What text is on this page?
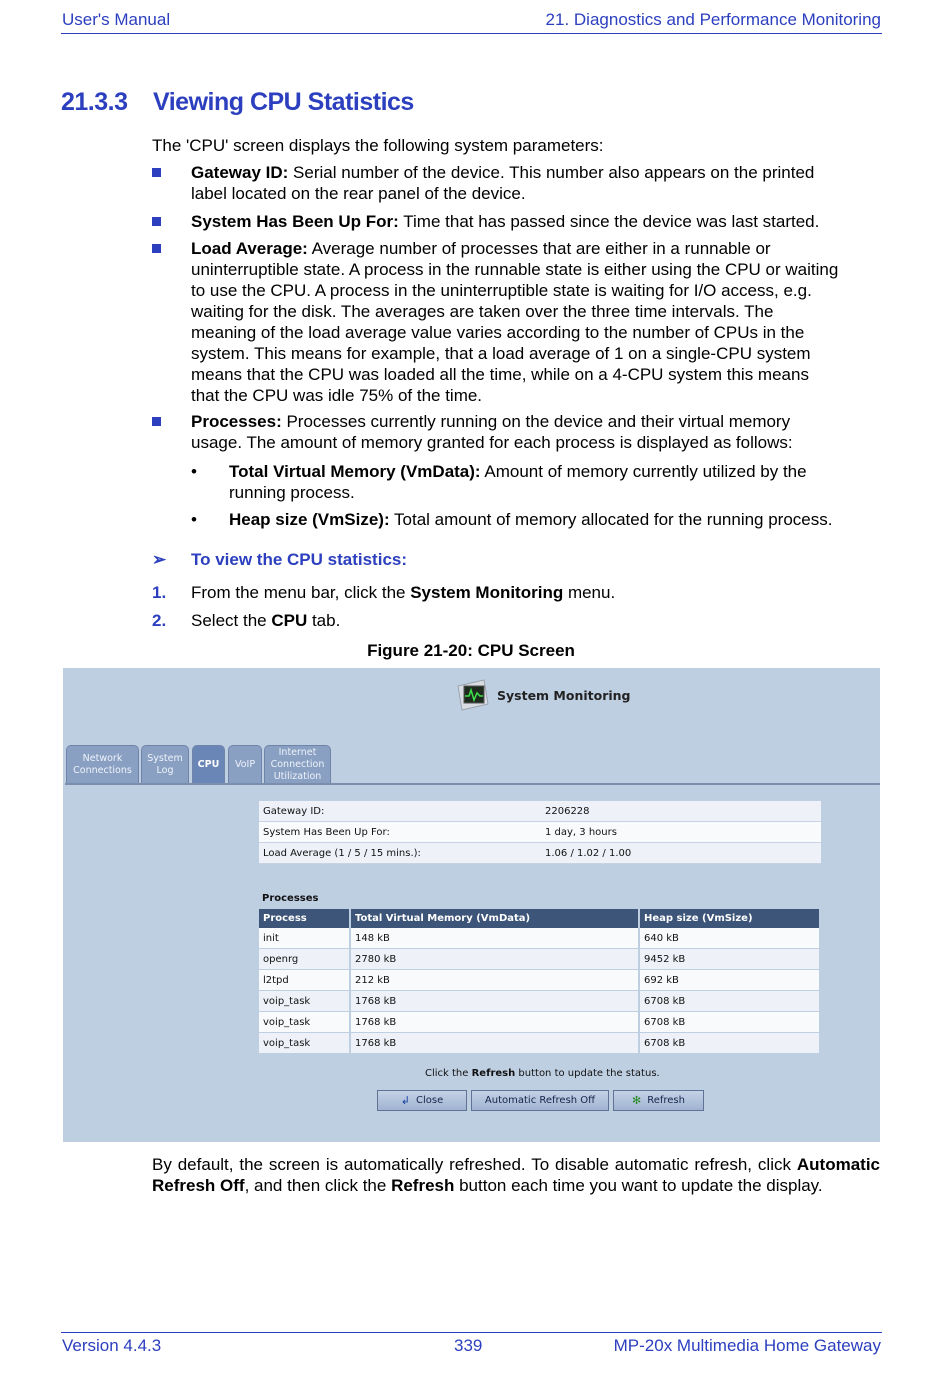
User's Manual	21. Diagnostics and Performance Monitoring
21.3.3 Viewing CPU Statistics
The 'CPU' screen displays the following system parameters:
Gateway ID: Serial number of the device. This number also appears on the printed
label located on the rear panel of the device.
System Has Been Up For: Time that has passed since the device was last started.
Load Average: Average number of processes that are either in a runnable or
uninterruptible state. A process in the runnable state is either using the CPU or waiting
to use the CPU. A process in the uninterruptible state is waiting for I/O access, e.g.
waiting for the disk. The averages are taken over the three time intervals. The
meaning of the load average value varies according to the number of CPUs in the
system. This means for example, that a load average of 1 on a single-CPU system
means that the CPU was loaded all the time, while on a 4-CPU system this means
that the CPU was idle 75% of the time.
Processes: Processes currently running on the device and their virtual memory
usage. The amount of memory granted for each process is displayed as follows:
• Total Virtual Memory (VmData): Amount of memory currently utilized by the
running process.
• Heap size (VmSize): Total amount of memory allocated for the running process.
➢ To view the CPU statistics:
1. From the menu bar, click the System Monitoring menu.
2. Select the CPU tab.
Figure 21-20: CPU Screen
System Monitoring
Network Connections
System Log
CPU	VoIP
Internet Connection Utilization
Gateway ID:	2206228
System Has Been Up For:	1 day, 3 hours
Load Average (1 / 5 / 15 mins.):	1.06 / 1.02 / 1.00
Processes
Process	Total Virtual Memory (VmData)	Heap size (VmSize)
init	148 kB	640 kB
openrg	2780 kB	9452 kB
l2tpd	212 kB	692 kB
voip_task	1768 kB	6708 kB
voip_task	1768 kB	6708 kB
voip_task	1768 kB	6708 kB
Click the Refresh button to update the status.
↲ Close	Automatic Refresh Off	✻ Refresh
By default, the screen is automatically refreshed. To disable automatic refresh, click Automatic Refresh Off, and then click the Refresh button each time you want to update the display.
Version 4.4.3	339	MP-20x Multimedia Home Gateway
